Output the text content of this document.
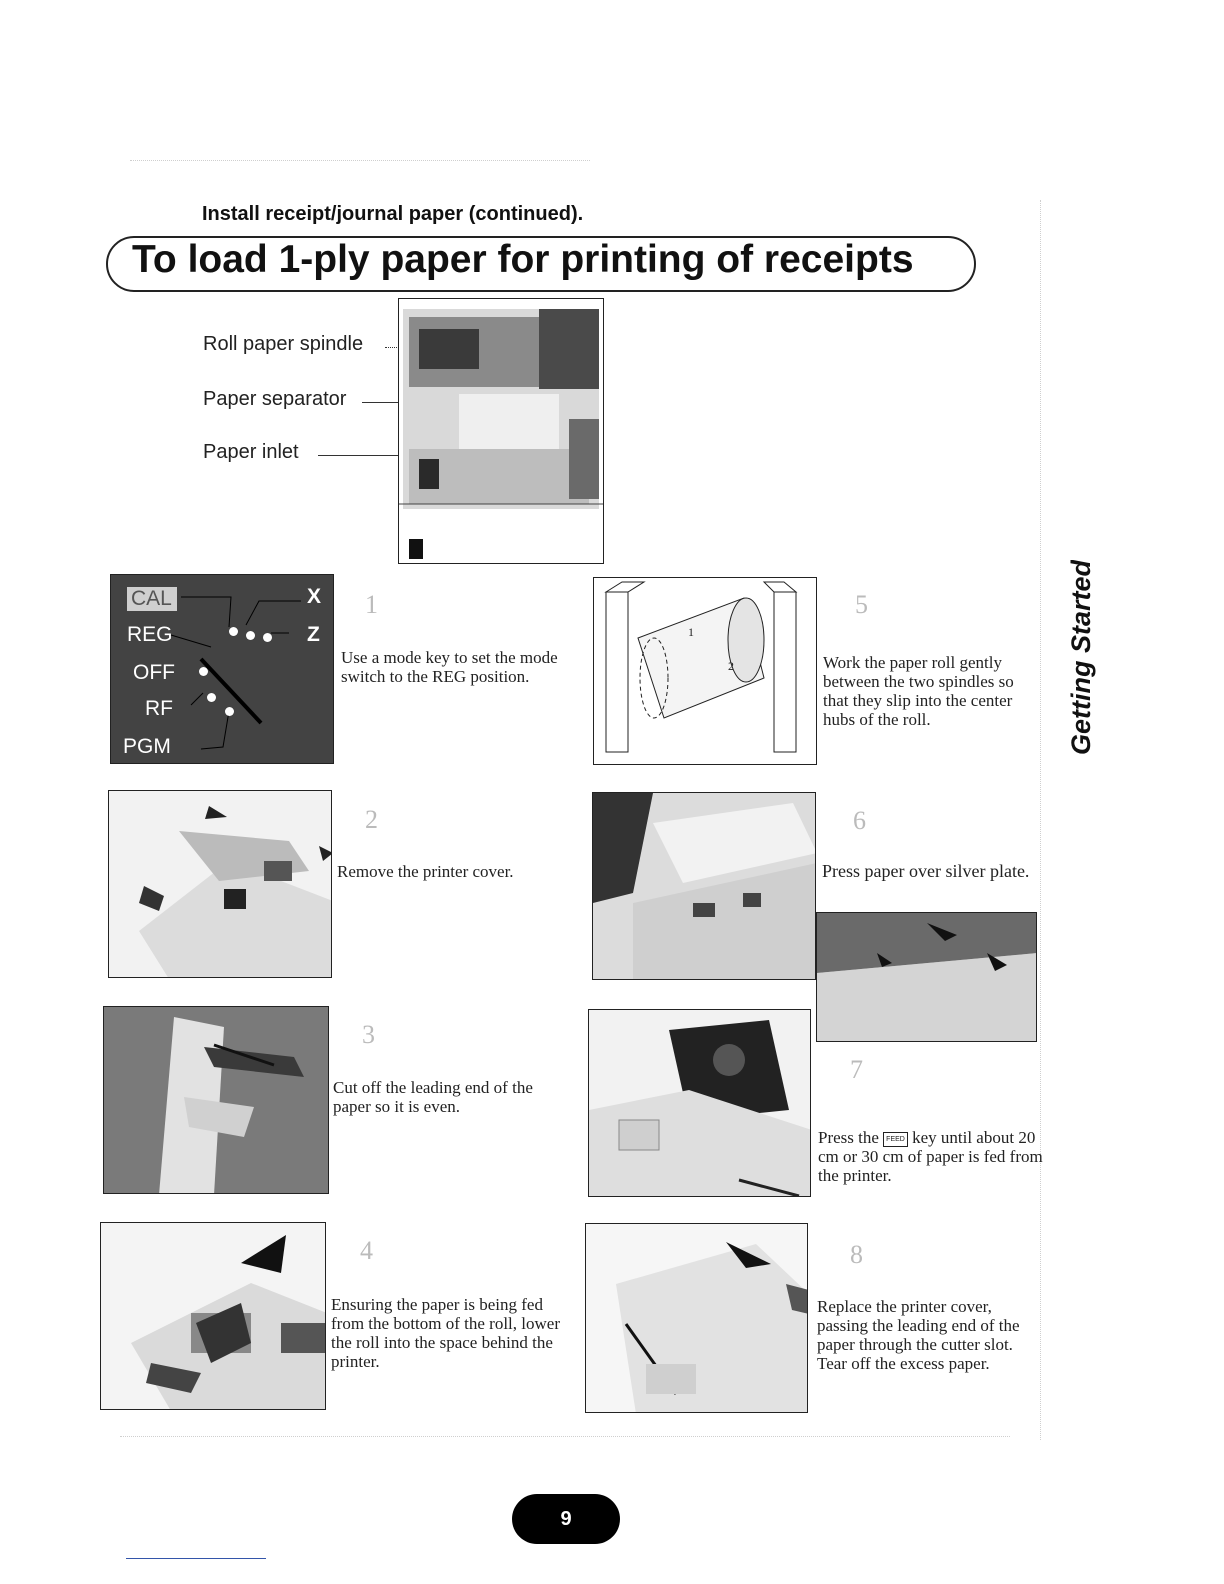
Install receipt/journal paper (continued).
To load 1-ply paper for printing of receipts
Roll paper spindle
Paper separator
Paper inlet
Getting Started
CAL
REG
OFF
RF
PGM
X
Z
1
Use a mode key to set the mode switch to the REG position.
2
Remove the printer cover.
3
Cut off the leading end of the paper so it is even.
4
Ensuring the paper is being fed from the bottom of the roll, lower the roll into the space behind the printer.
1
2
5
Work the paper roll gently between the two spindles so that they slip into the center hubs of the roll.
6
Press paper over silver plate.
7
Press the FEED key until about 20 cm or 30 cm of paper is fed from the printer.
8
Replace the printer cover, passing the leading end of the paper through the cutter slot. Tear off the excess paper.
9
